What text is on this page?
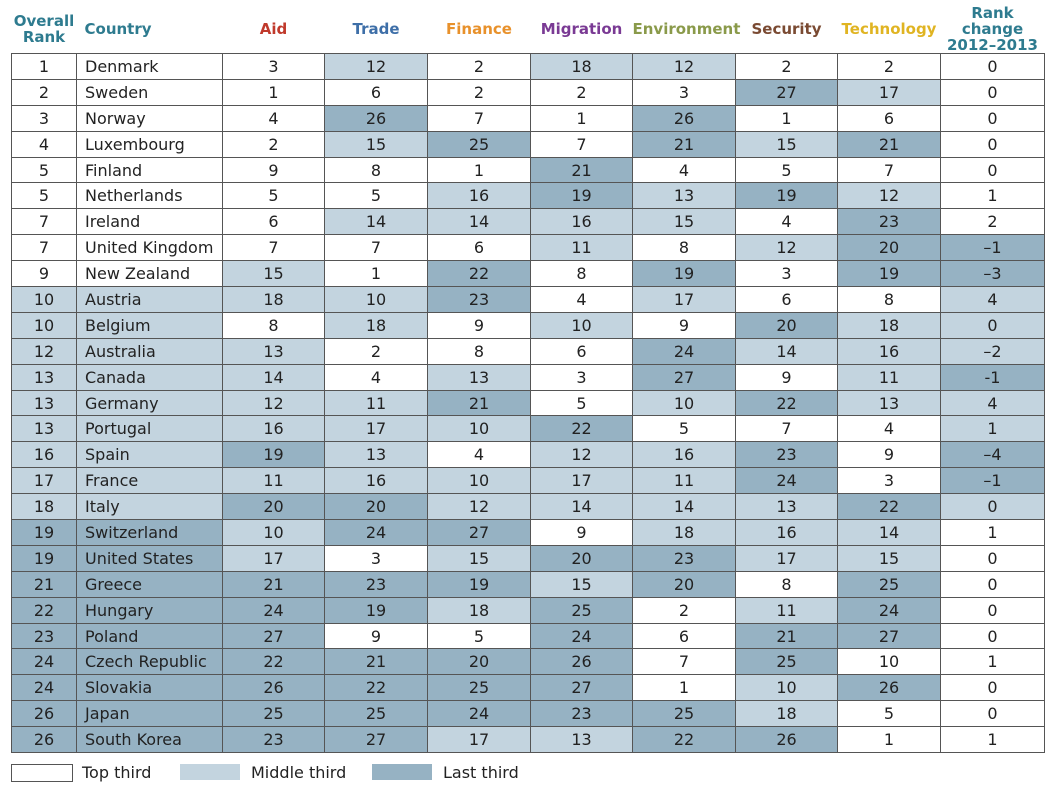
Overall
Rank	Country	Aid	Trade	Finance	Migration	Environment	Security	Technology	Rank change
2012–2013
1	Denmark	3	12	2	18	12	2	2	0
2	Sweden	1	6	2	2	3	27	17	0
3	Norway	4	26	7	1	26	1	6	0
4	Luxembourg	2	15	25	7	21	15	21	0
5	Finland	9	8	1	21	4	5	7	0
5	Netherlands	5	5	16	19	13	19	12	1
7	Ireland	6	14	14	16	15	4	23	2
7	United Kingdom	7	7	6	11	8	12	20	–1
9	New Zealand	15	1	22	8	19	3	19	–3
10	Austria	18	10	23	4	17	6	8	4
10	Belgium	8	18	9	10	9	20	18	0
12	Australia	13	2	8	6	24	14	16	–2
13	Canada	14	4	13	3	27	9	11	-1
13	Germany	12	11	21	5	10	22	13	4
13	Portugal	16	17	10	22	5	7	4	1
16	Spain	19	13	4	12	16	23	9	–4
17	France	11	16	10	17	11	24	3	–1
18	Italy	20	20	12	14	14	13	22	0
19	Switzerland	10	24	27	9	18	16	14	1
19	United States	17	3	15	20	23	17	15	0
21	Greece	21	23	19	15	20	8	25	0
22	Hungary	24	19	18	25	2	11	24	0
23	Poland	27	9	5	24	6	21	27	0
24	Czech Republic	22	21	20	26	7	25	10	1
24	Slovakia	26	22	25	27	1	10	26	0
26	Japan	25	25	24	23	25	18	5	0
26	South Korea	23	27	17	13	22	26	1	1
Top third	Middle third	Last third
